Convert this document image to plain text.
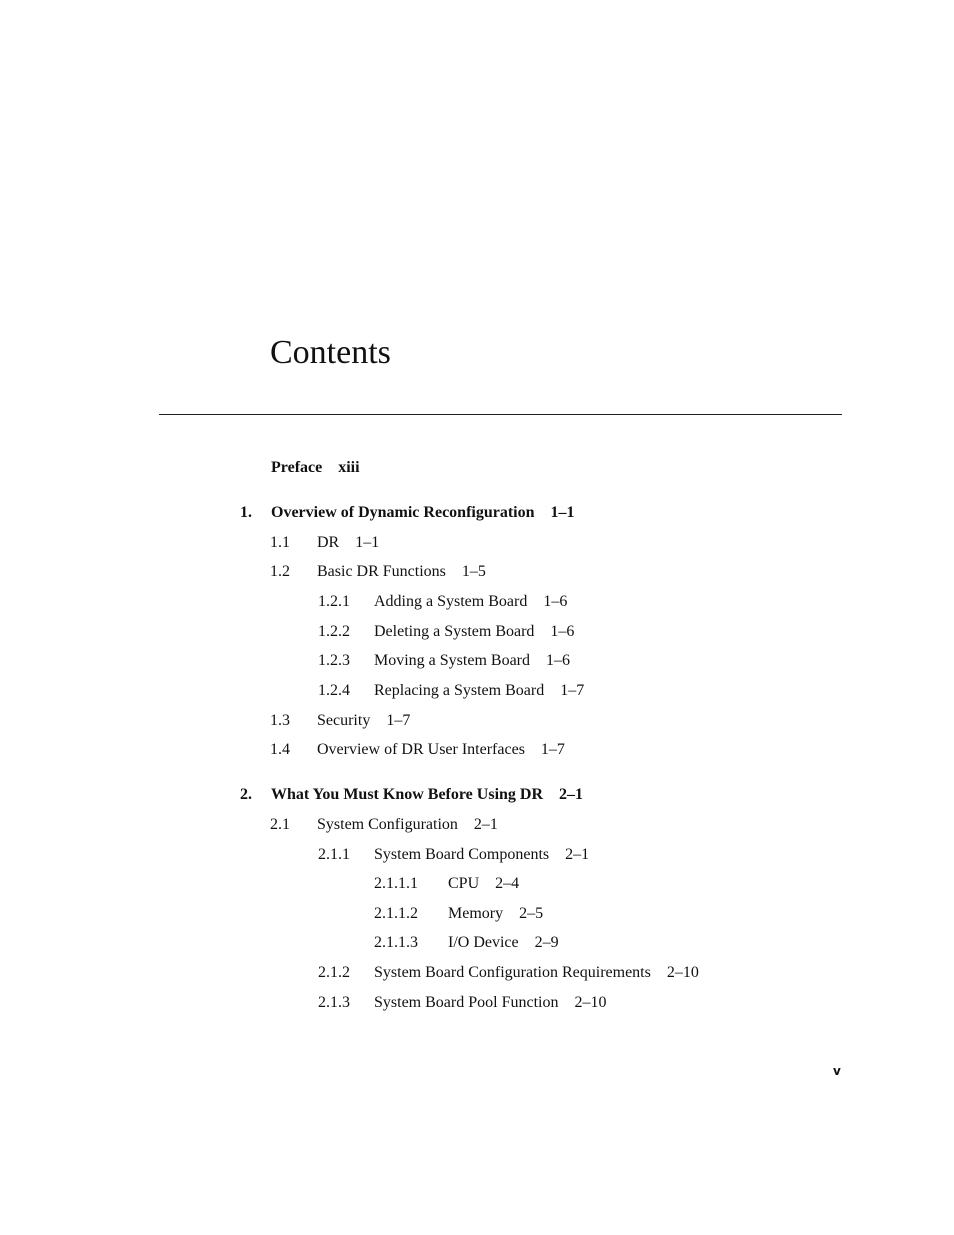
Contents
Preface xiii
1. Overview of Dynamic Reconfiguration 1–1
1.1 DR 1–1
1.2 Basic DR Functions 1–5
1.2.1 Adding a System Board 1–6
1.2.2 Deleting a System Board 1–6
1.2.3 Moving a System Board 1–6
1.2.4 Replacing a System Board 1–7
1.3 Security 1–7
1.4 Overview of DR User Interfaces 1–7
2. What You Must Know Before Using DR 2–1
2.1 System Configuration 2–1
2.1.1 System Board Components 2–1
2.1.1.1 CPU 2–4
2.1.1.2 Memory 2–5
2.1.1.3 I/O Device 2–9
2.1.2 System Board Configuration Requirements 2–10
2.1.3 System Board Pool Function 2–10
v
